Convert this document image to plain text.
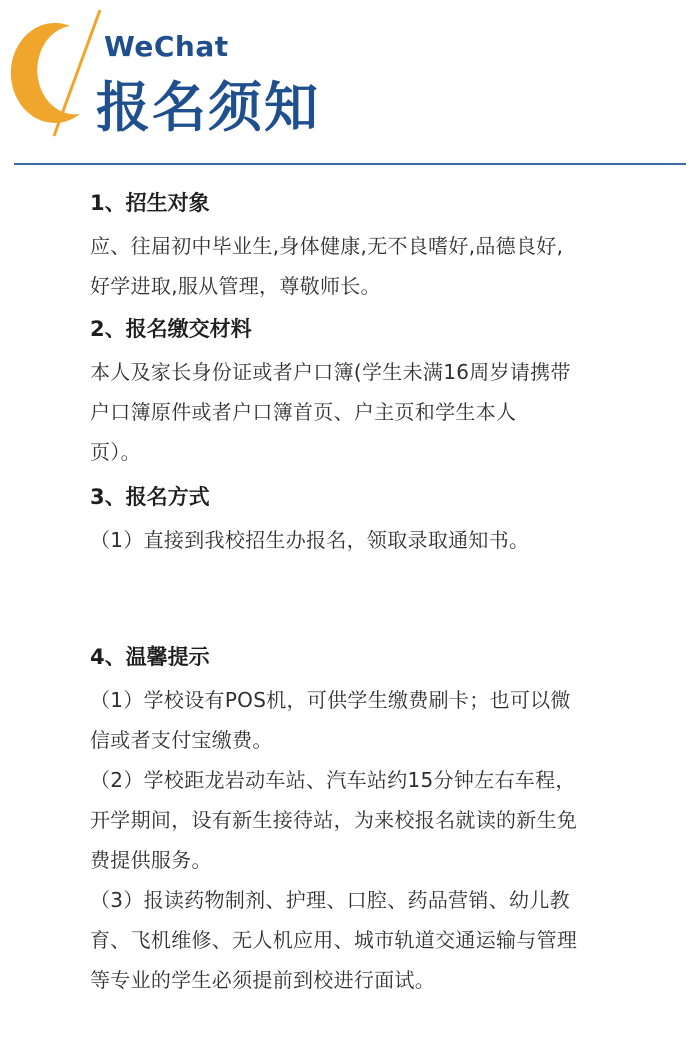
WeChat
报名须知
1、招生对象
应、往届初中毕业生,身体健康,无不良嗜好,品德良好,
好学进取,服从管理，尊敬师长。
2、报名缴交材料
本人及家长身份证或者户口簿(学生未满16周岁请携带
户口簿原件或者户口簿首页、户主页和学生本人
页）。
3、报名方式
（1）直接到我校招生办报名，领取录取通知书。
4、温馨提示
（1）学校设有POS机，可供学生缴费刷卡；也可以微
信或者支付宝缴费。
（2）学校距龙岩动车站、汽车站约15分钟左右车程，
开学期间，设有新生接待站，为来校报名就读的新生免
费提供服务。
（3）报读药物制剂、护理、口腔、药品营销、幼儿教
育、飞机维修、无人机应用、城市轨道交通运输与管理
等专业的学生必须提前到校进行面试。
